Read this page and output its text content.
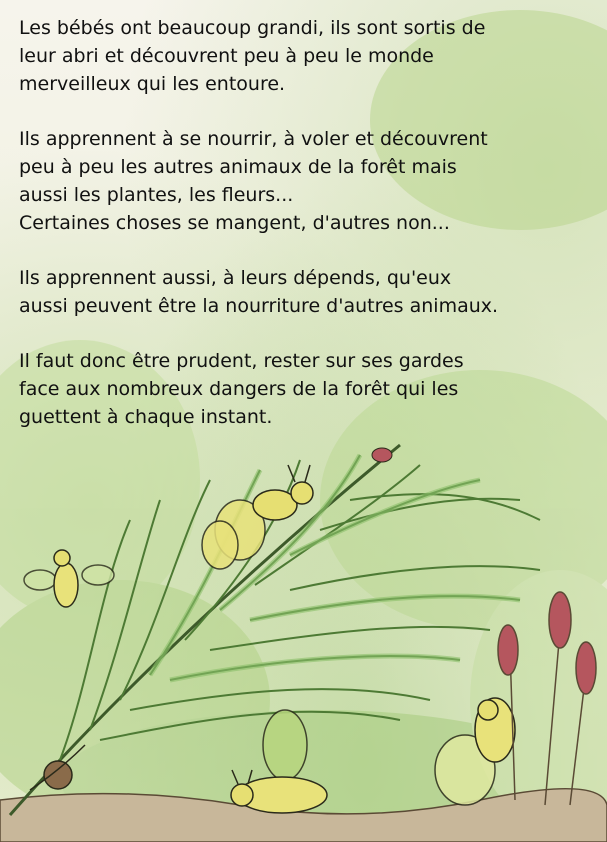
Les bébés ont beaucoup grandi, ils sont sortis de
leur abri et découvrent peu à peu le monde
merveilleux qui les entoure.

Ils apprennent à se nourrir, à voler et découvrent
peu à peu les autres animaux de la forêt mais
aussi les plantes, les fleurs...
Certaines choses se mangent, d'autres non...

Ils apprennent aussi, à leurs dépends, qu'eux
aussi peuvent être la nourriture d'autres animaux.

Il faut donc être prudent, rester sur ses gardes
face aux nombreux dangers de la forêt qui les
guettent à chaque instant.
